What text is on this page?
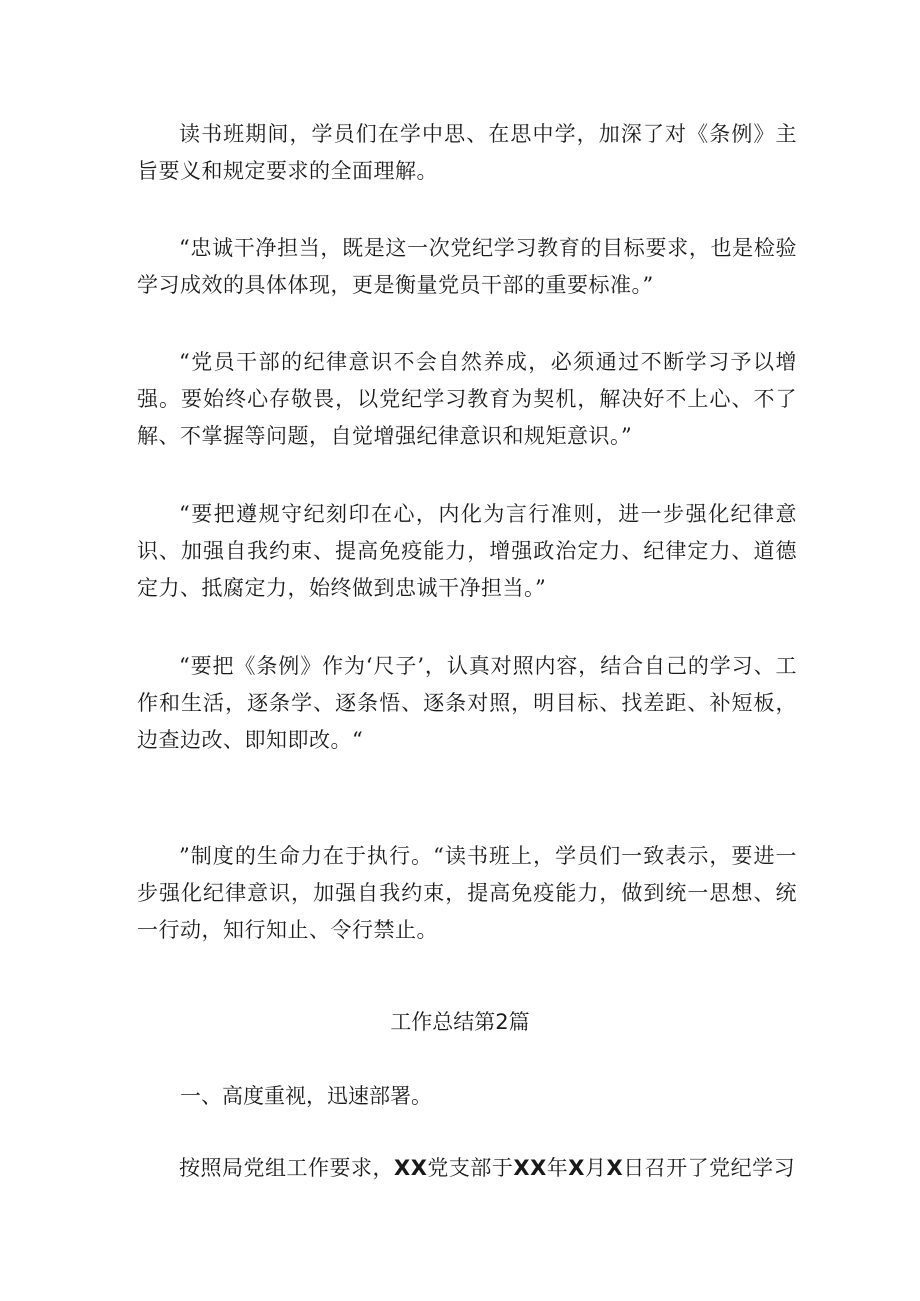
读书班期间，学员们在学中思、在思中学，加深了对《条例》主旨要义和规定要求的全面理解。

“忠诚干净担当，既是这一次党纪学习教育的目标要求，也是检验学习成效的具体体现，更是衡量党员干部的重要标准。”

“党员干部的纪律意识不会自然养成，必须通过不断学习予以增强。要始终心存敬畏，以党纪学习教育为契机，解决好不上心、不了解、不掌握等问题，自觉增强纪律意识和规矩意识。”

“要把遵规守纪刻印在心，内化为言行准则，进一步强化纪律意识、加强自我约束、提高免疫能力，增强政治定力、纪律定力、道德定力、抵腐定力，始终做到忠诚干净担当。”

“要把《条例》作为‘尺子’，认真对照内容，结合自己的学习、工作和生活，逐条学、逐条悟、逐条对照，明目标、找差距、补短板，边查边改、即知即改。“

”制度的生命力在于执行。“读书班上，学员们一致表示，要进一步强化纪律意识，加强自我约束，提高免疫能力，做到统一思想、统一行动，知行知止、令行禁止。

工作总结第2篇
一、高度重视，迅速部署。

按照局党组工作要求，XX党支部于XX年X月X日召开了党纪学习
